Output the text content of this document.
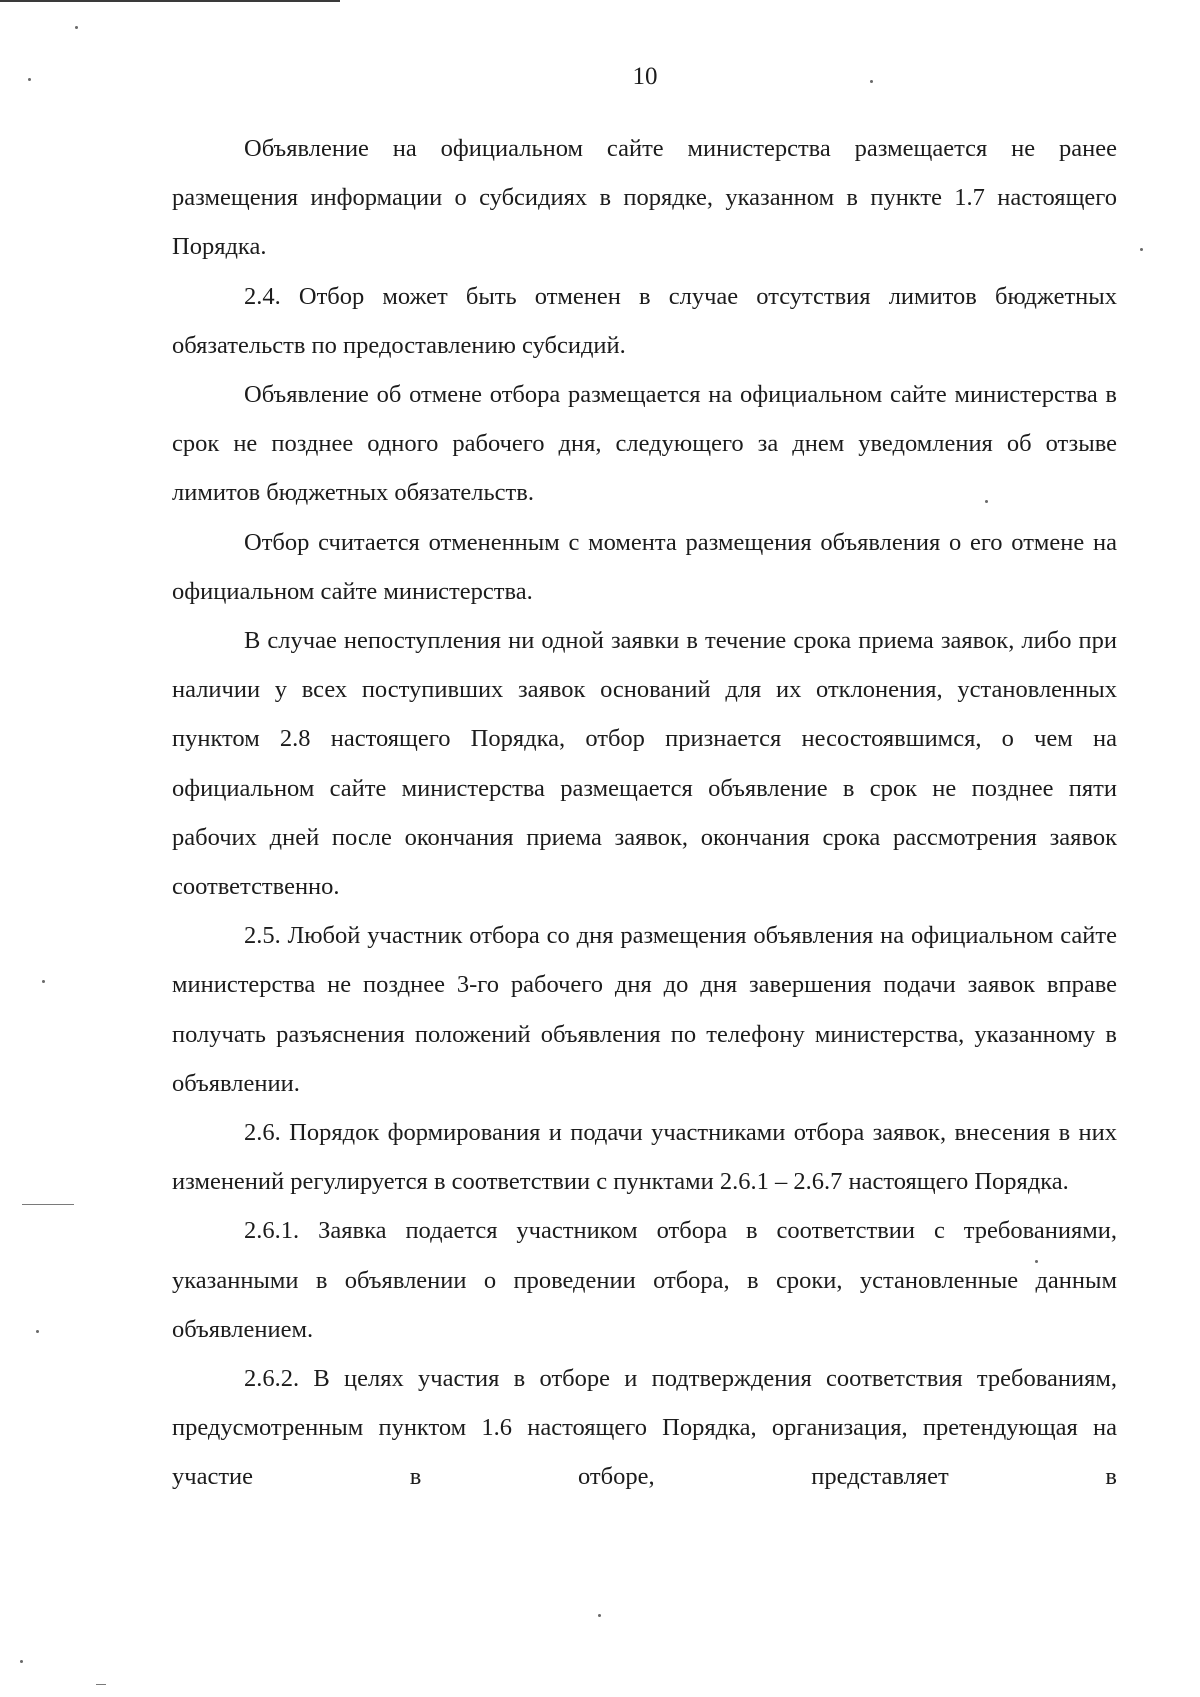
10

Объявление на официальном сайте министерства размещается не ранее размещения информации о субсидиях в порядке, указанном в пункте 1.7 настоящего Порядка.

2.4. Отбор может быть отменен в случае отсутствия лимитов бюджетных обязательств по предоставлению субсидий.

Объявление об отмене отбора размещается на официальном сайте министерства в срок не позднее одного рабочего дня, следующего за днем уведомления об отзыве лимитов бюджетных обязательств.

Отбор считается отмененным с момента размещения объявления о его отмене на официальном сайте министерства.

В случае непоступления ни одной заявки в течение срока приема заявок, либо при наличии у всех поступивших заявок оснований для их отклонения, установленных пунктом 2.8 настоящего Порядка, отбор признается несостоявшимся, о чем на официальном сайте министерства размещается объявление в срок не позднее пяти рабочих дней после окончания приема заявок, окончания срока рассмотрения заявок соответственно.

2.5. Любой участник отбора со дня размещения объявления на официальном сайте министерства не позднее 3-го рабочего дня до дня завершения подачи заявок вправе получать разъяснения положений объявления по телефону министерства, указанному в объявлении.

2.6. Порядок формирования и подачи участниками отбора заявок, внесения в них изменений регулируется в соответствии с пунктами 2.6.1 – 2.6.7 настоящего Порядка.

2.6.1. Заявка подается участником отбора в соответствии с требованиями, указанными в объявлении о проведении отбора, в сроки, установленные данным объявлением.

2.6.2. В целях участия в отборе и подтверждения соответствия требованиям, предусмотренным пунктом 1.6 настоящего Порядка, организация, претендующая на участие в отборе, представляет в
